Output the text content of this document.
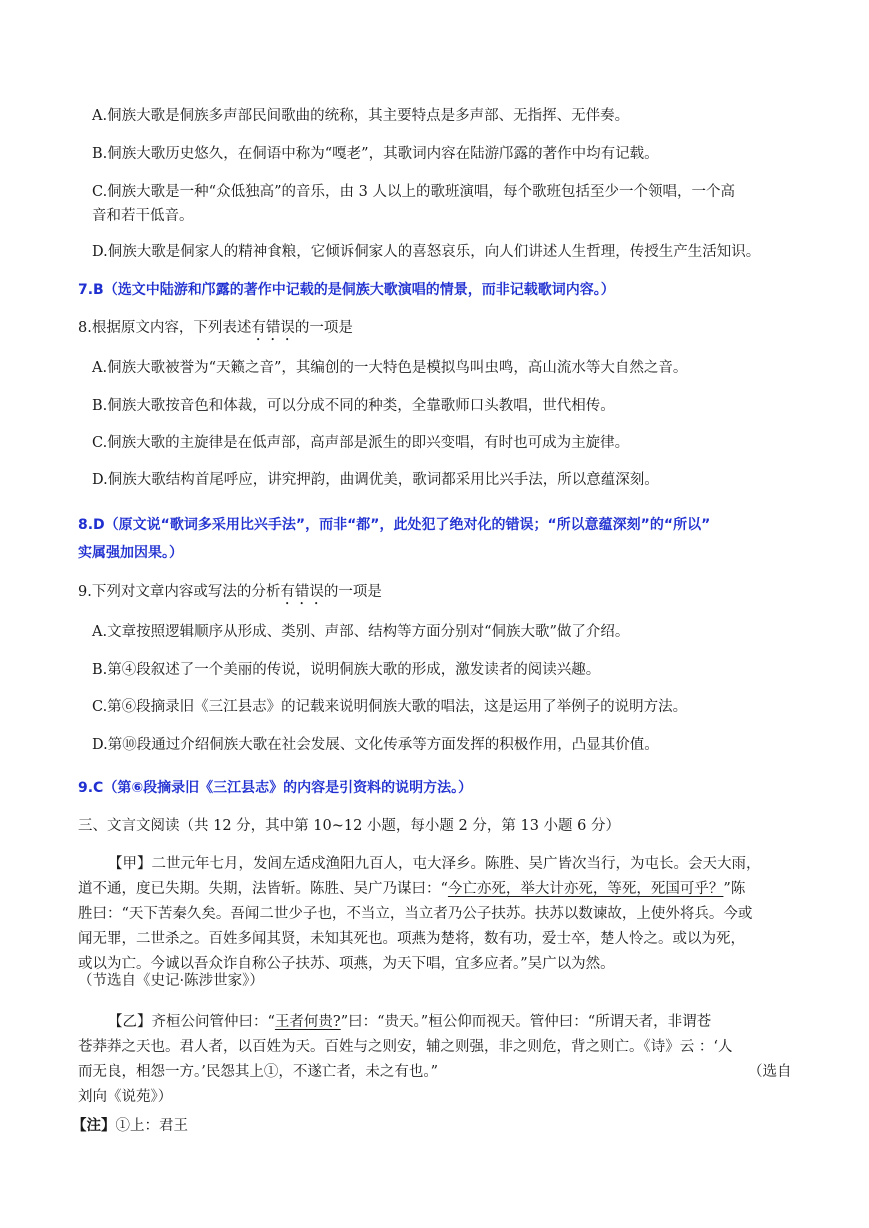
A.侗族大歌是侗族多声部民间歌曲的统称，其主要特点是多声部、无指挥、无伴奏。
B.侗族大歌历史悠久，在侗语中称为“嘎老”，其歌词内容在陆游邝露的著作中均有记载。
C.侗族大歌是一种“众低独高”的音乐，由 3 人以上的歌班演唱，每个歌班包括至少一个领唱，一个高
音和若干低音。
D.侗族大歌是侗家人的精神食粮，它倾诉侗家人的喜怒哀乐，向人们讲述人生哲理，传授生产生活知识。
7.B（选文中陆游和邝露的著作中记载的是侗族大歌演唱的情景，而非记载歌词内容。）
8.根据原文内容，下列表述有错误的一项是
A.侗族大歌被誉为“天籁之音”，其编创的一大特色是模拟鸟叫虫鸣，高山流水等大自然之音。
B.侗族大歌按音色和体裁，可以分成不同的种类，全靠歌师口头教唱，世代相传。
C.侗族大歌的主旋律是在低声部，高声部是派生的即兴变唱，有时也可成为主旋律。
D.侗族大歌结构首尾呼应，讲究押韵，曲调优美，歌词都采用比兴手法，所以意蕴深刻。
8.D（原文说“歌词多采用比兴手法”，而非“都”，此处犯了绝对化的错误；“所以意蕴深刻”的“所以”
实属强加因果。）
9.下列对文章内容或写法的分析有错误的一项是
A.文章按照逻辑顺序从形成、类别、声部、结构等方面分别对“侗族大歌”做了介绍。
B.第④段叙述了一个美丽的传说，说明侗族大歌的形成，激发读者的阅读兴趣。
C.第⑥段摘录旧《三江县志》的记载来说明侗族大歌的唱法，这是运用了举例子的说明方法。
D.第⑩段通过介绍侗族大歌在社会发展、文化传承等方面发挥的积极作用，凸显其价值。
9.C（第⑥段摘录旧《三江县志》的内容是引资料的说明方法。）
三、文言文阅读（共 12 分，其中第 10~12 小题，每小题 2 分，第 13 小题 6 分）
【甲】二世元年七月，发闾左适戍渔阳九百人，屯大泽乡。陈胜、吴广皆次当行，为屯长。会天大雨，
道不通，度已失期。失期，法皆斩。陈胜、吴广乃谋曰：“今亡亦死，举大计亦死，等死，死国可乎？”陈
胜曰：“天下苦秦久矣。吾闻二世少子也，不当立，当立者乃公子扶苏。扶苏以数谏故，上使外将兵。今或
闻无罪，二世杀之。百姓多闻其贤，未知其死也。项燕为楚将，数有功，爱士卒，楚人怜之。或以为死，
或以为亡。今诚以吾众诈自称公子扶苏、项燕，为天下唱，宜多应者。”吴广以为然。
（节选自《史记·陈涉世家》）
【乙】齐桓公问管仲曰：“王者何贵?”曰：“贵天。”桓公仰而视天。管仲曰：“所谓天者，非谓苍
苍莽莽之天也。君人者，以百姓为天。百姓与之则安，辅之则强，非之则危，背之则亡。《诗》云 ：‘人
而无良，相怨一方。’民怨其上①，不遂亡者，未之有也。”	（选自
刘向《说苑》）
【注】①上：君王
